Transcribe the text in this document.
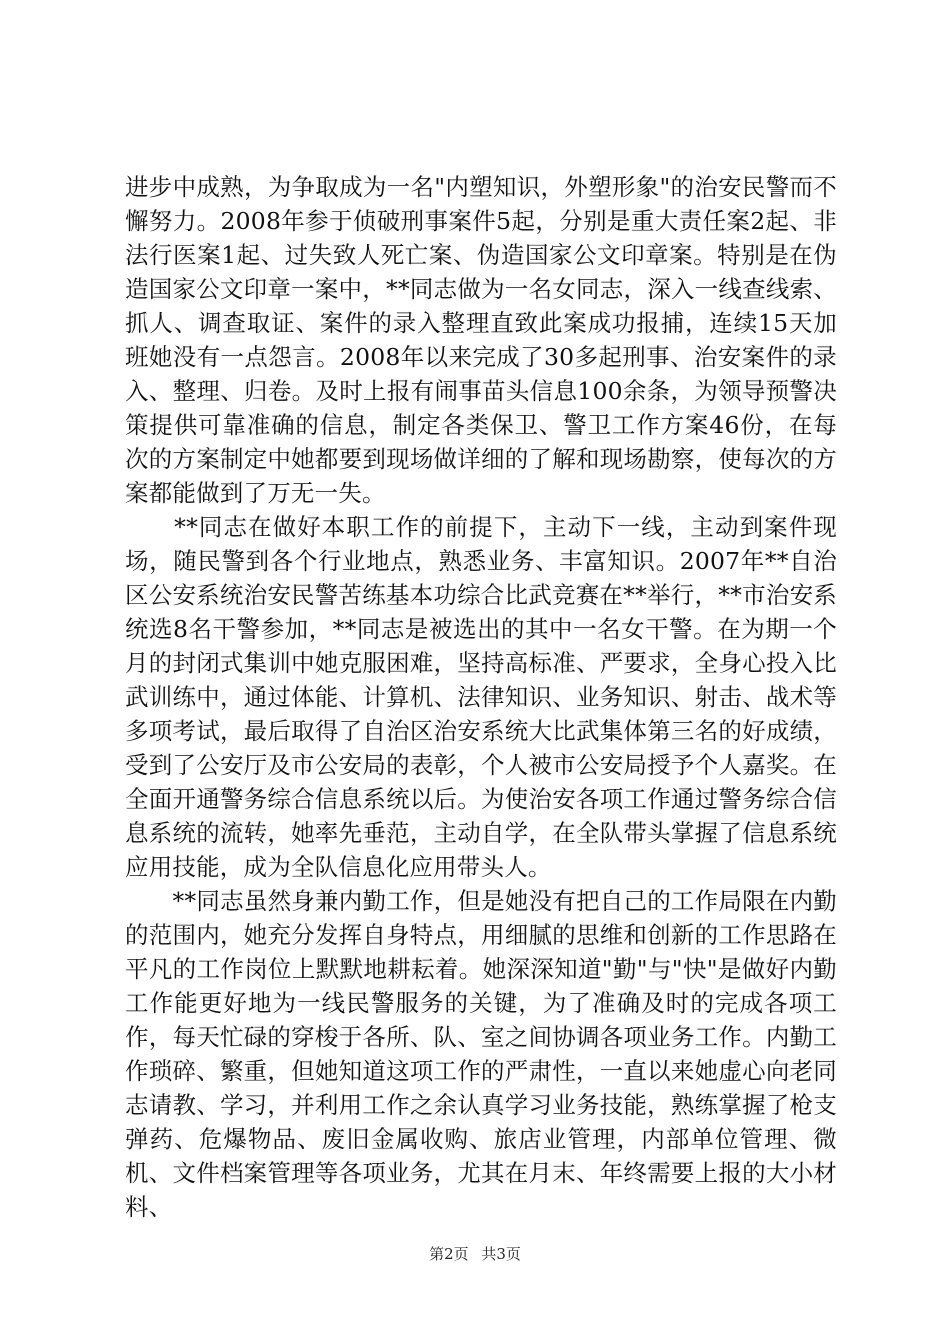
进步中成熟，为争取成为一名"内塑知识，外塑形象"的治安民警而不懈努力。2008年参于侦破刑事案件5起，分别是重大责任案2起、非法行医案1起、过失致人死亡案、伪造国家公文印章案。特别是在伪造国家公文印章一案中，**同志做为一名女同志，深入一线查线索、抓人、调查取证、案件的录入整理直致此案成功报捕，连续15天加班她没有一点怨言。2008年以来完成了30多起刑事、治安案件的录入、整理、归卷。及时上报有闹事苗头信息100余条，为领导预警决策提供可靠准确的信息，制定各类保卫、警卫工作方案46份，在每次的方案制定中她都要到现场做详细的了解和现场勘察，使每次的方案都能做到了万无一失。

　　**同志在做好本职工作的前提下，主动下一线，主动到案件现场，随民警到各个行业地点，熟悉业务、丰富知识。2007年**自治区公安系统治安民警苦练基本功综合比武竞赛在**举行，**市治安系统选8名干警参加，**同志是被选出的其中一名女干警。在为期一个月的封闭式集训中她克服困难，坚持高标准、严要求，全身心投入比武训练中，通过体能、计算机、法律知识、业务知识、射击、战术等多项考试，最后取得了自治区治安系统大比武集体第三名的好成绩，受到了公安厅及市公安局的表彰，个人被市公安局授予个人嘉奖。在全面开通警务综合信息系统以后。为使治安各项工作通过警务综合信息系统的流转，她率先垂范，主动自学，在全队带头掌握了信息系统应用技能，成为全队信息化应用带头人。

　　**同志虽然身兼内勤工作，但是她没有把自己的工作局限在内勤的范围内，她充分发挥自身特点，用细腻的思维和创新的工作思路在平凡的工作岗位上默默地耕耘着。她深深知道"勤"与"快"是做好内勤工作能更好地为一线民警服务的关键，为了准确及时的完成各项工作，每天忙碌的穿梭于各所、队、室之间协调各项业务工作。内勤工作琐碎、繁重，但她知道这项工作的严肃性，一直以来她虚心向老同志请教、学习，并利用工作之余认真学习业务技能，熟练掌握了枪支弹药、危爆物品、废旧金属收购、旅店业管理，内部单位管理、微机、文件档案管理等各项业务，尤其在月末、年终需要上报的大小材料、

第2页 共3页
